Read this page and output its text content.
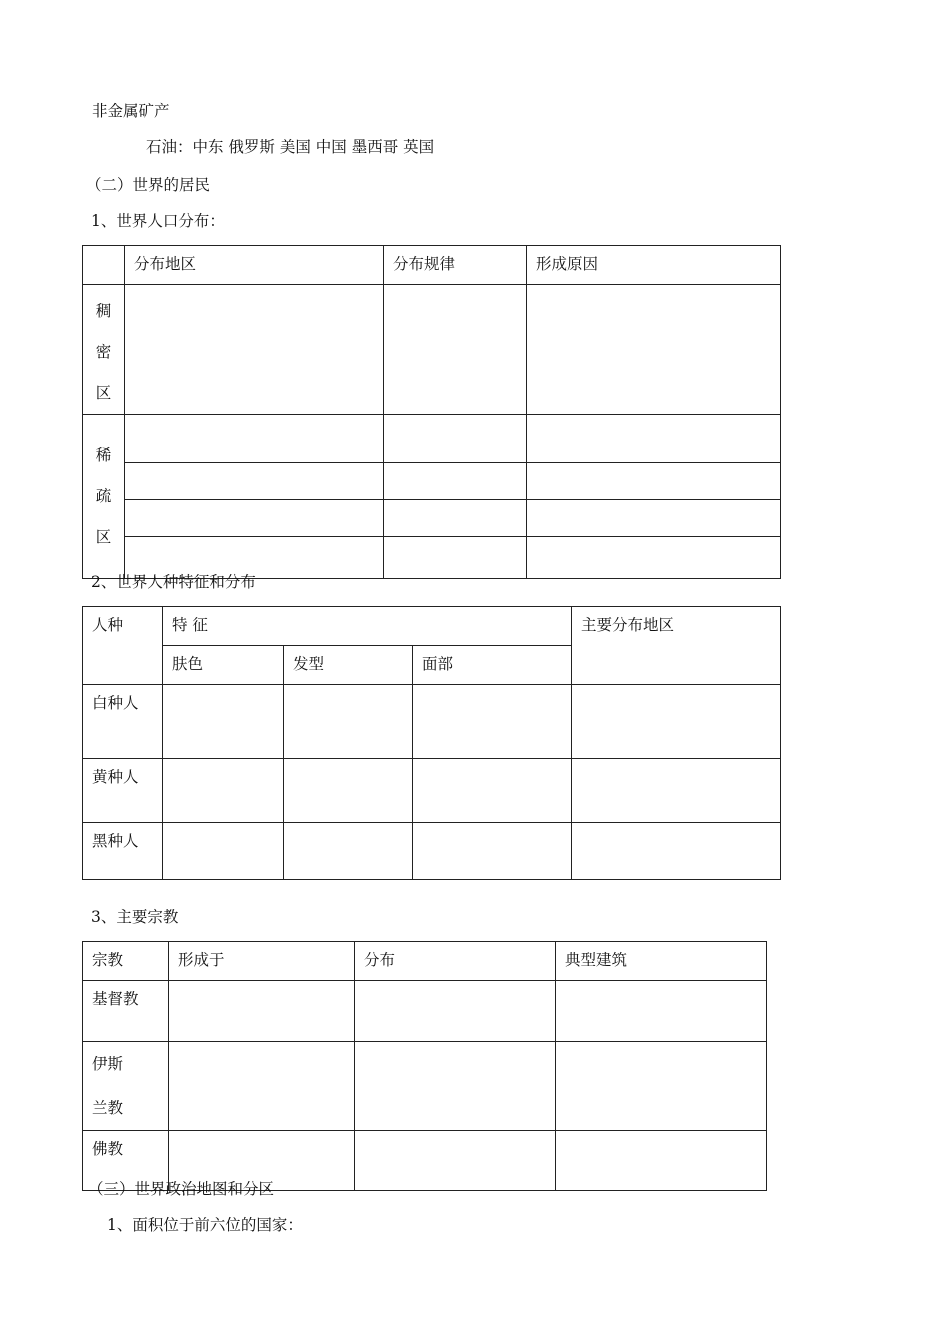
非金属矿产
石油：中东 俄罗斯 美国 中国 墨西哥 英国
（二）世界的居民
1、世界人口分布：

	分布地区	分布规律	形成原因

稠
密
区			

稀
疏
区			

2、世界人种特征和分布
人种	特 征			主要分布地区

	肤色	发型	面部	

白种人				

黄种人				

黑种人				

3、主要宗教
宗教	形成于	分布	典型建筑

基督教			

伊斯兰教			

佛教			

（三）世界政治地图和分区
1、面积位于前六位的国家：
